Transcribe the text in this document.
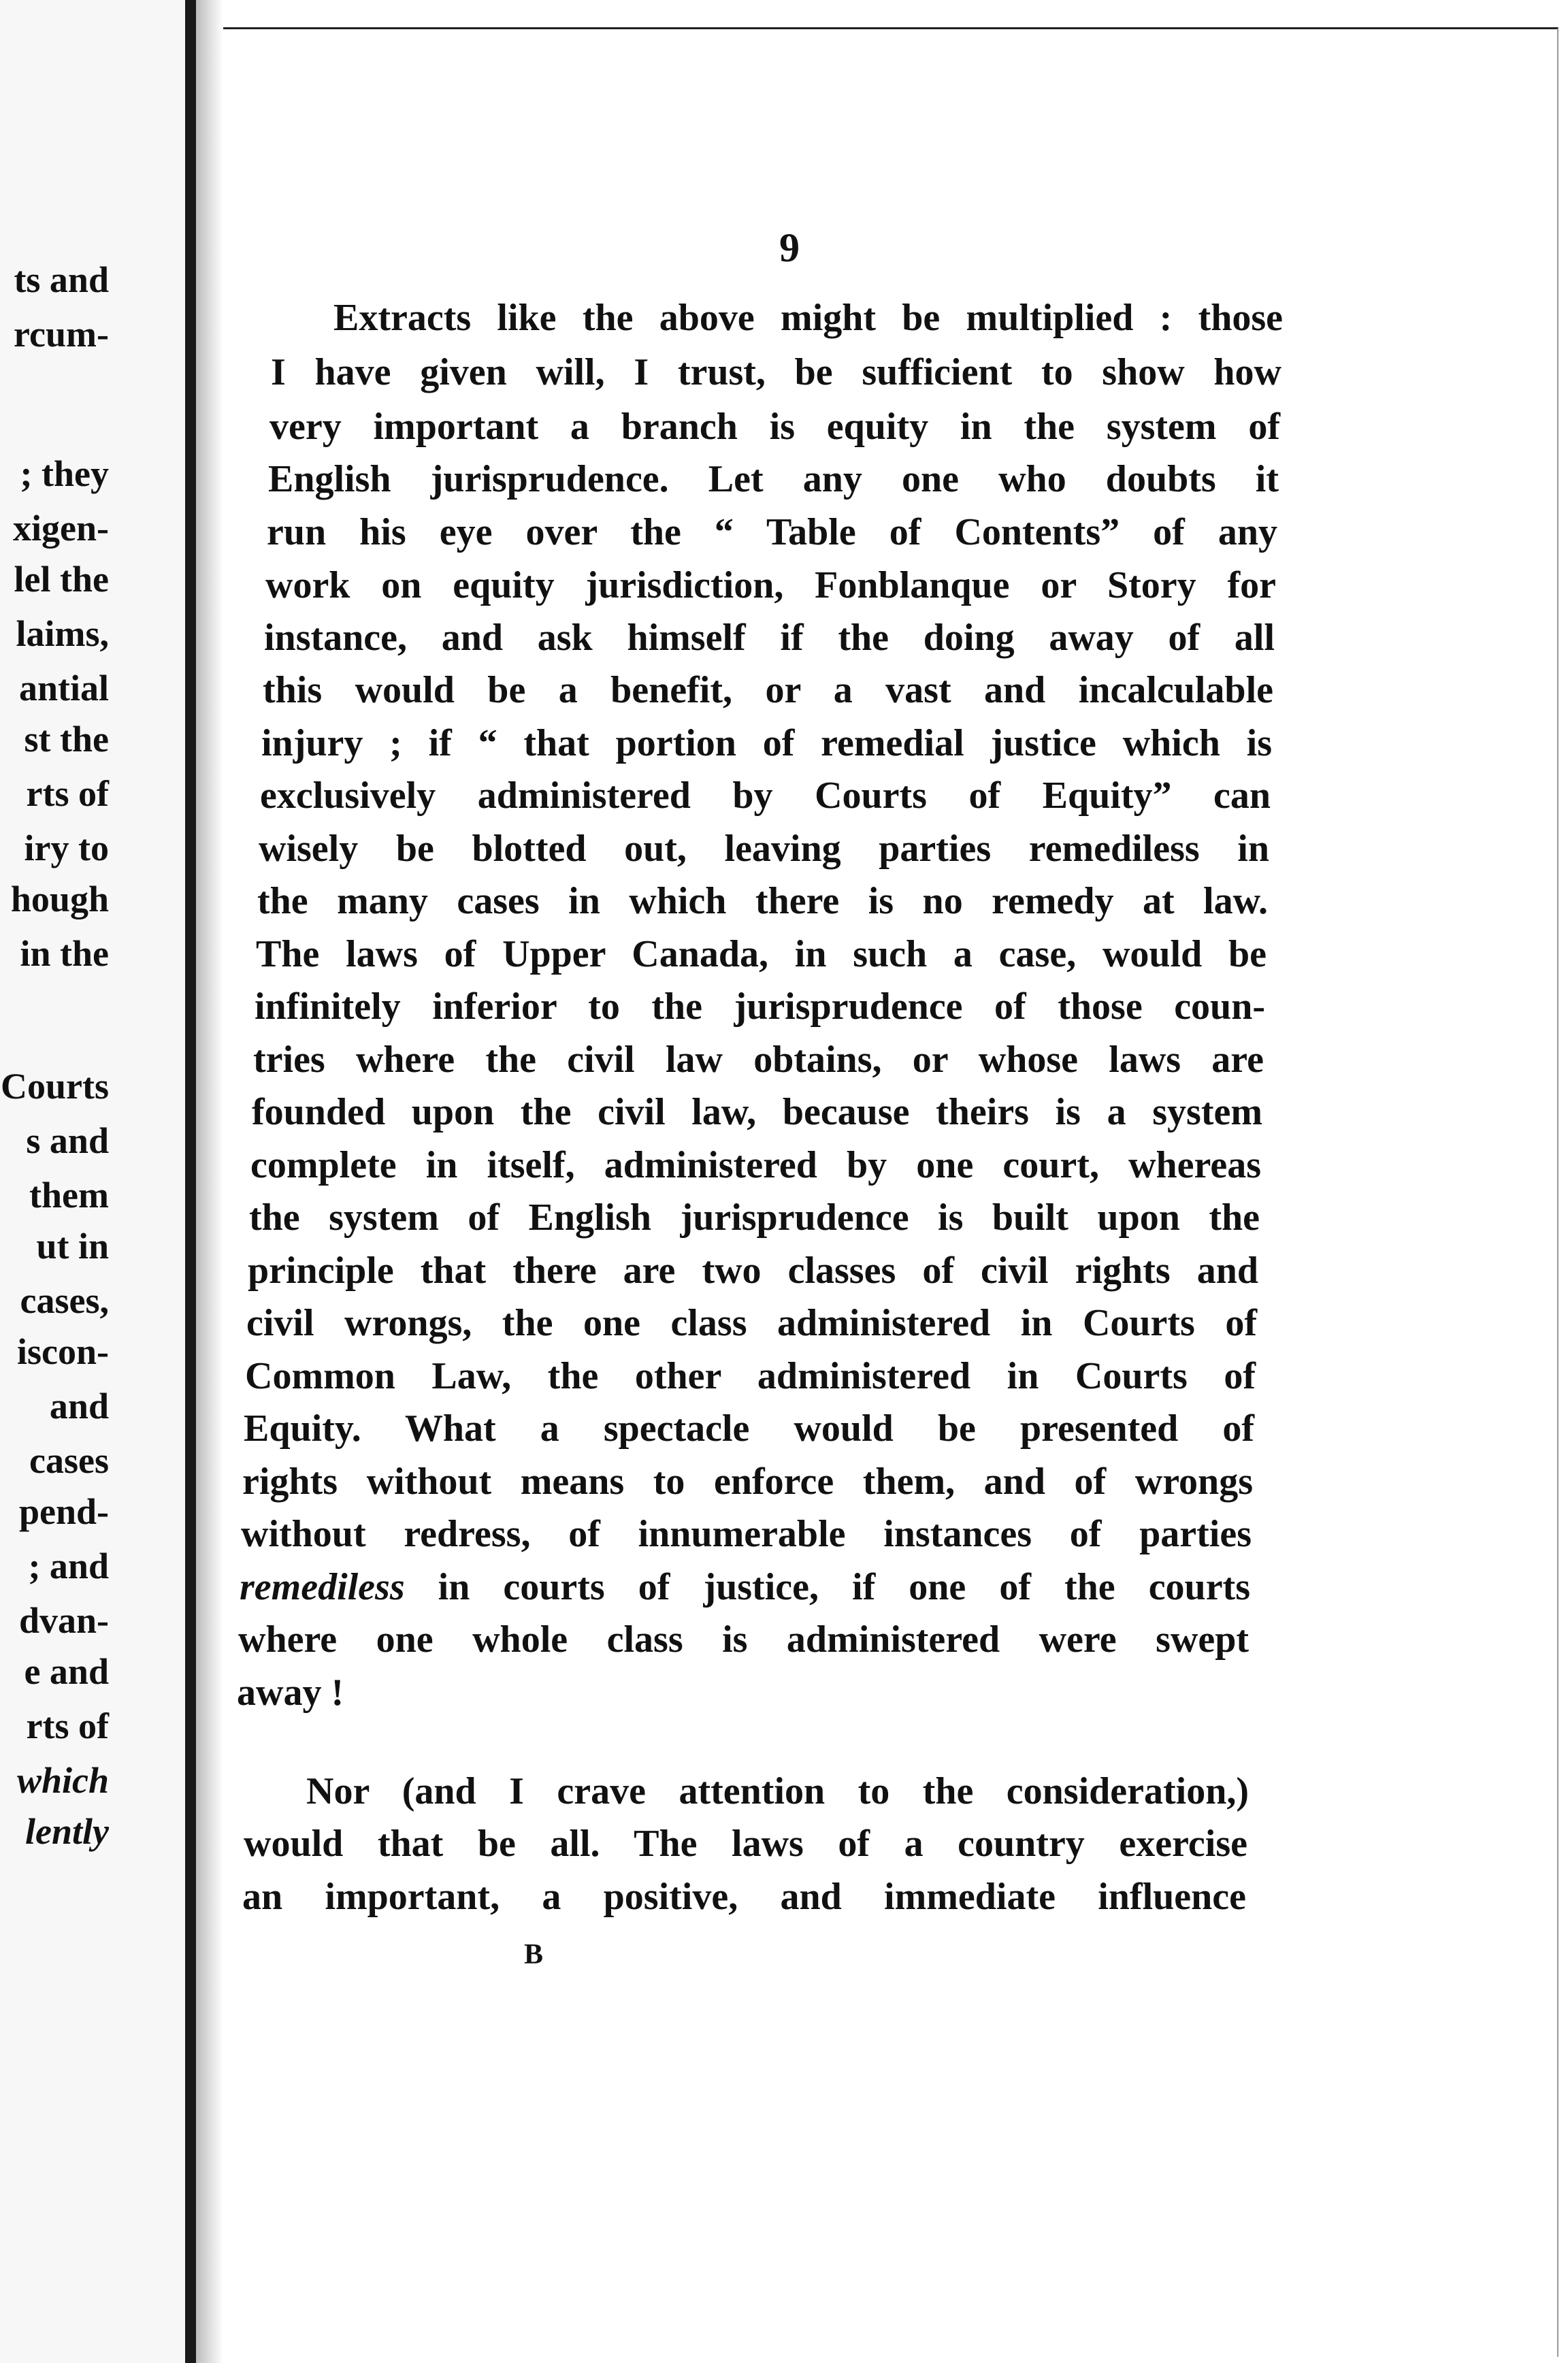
ts and
rcum-
; they
xigen-
lel the
laims,
antial
st the
rts of
iry to
hough
in the
Courts
s and
them
ut in
cases,
iscon-
and
cases
pend-
; and
dvan-
e and
rts of
which
lently
9
Extracts like the above might be multiplied : those
I have given will, I trust, be sufficient to show how
very important a branch is equity in the system of
English jurisprudence. Let any one who doubts it
run his eye over the “ Table of Contents” of any
work on equity jurisdiction, Fonblanque or Story for
instance, and ask himself if the doing away of all
this would be a benefit, or a vast and incalculable
injury ; if “ that portion of remedial justice which is
exclusively administered by Courts of Equity” can
wisely be blotted out, leaving parties remediless in
the many cases in which there is no remedy at law.
The laws of Upper Canada, in such a case, would be
infinitely inferior to the jurisprudence of those coun-
tries where the civil law obtains, or whose laws are
founded upon the civil law, because theirs is a system
complete in itself, administered by one court, whereas
the system of English jurisprudence is built upon the
principle that there are two classes of civil rights and
civil wrongs, the one class administered in Courts of
Common Law, the other administered in Courts of
Equity. What a spectacle would be presented of
rights without means to enforce them, and of wrongs
without redress, of innumerable instances of parties
remediless in courts of justice, if one of the courts
where one whole class is administered were swept
away !
Nor (and I crave attention to the consideration,)
would that be all. The laws of a country exercise
an important, a positive, and immediate influence
B
